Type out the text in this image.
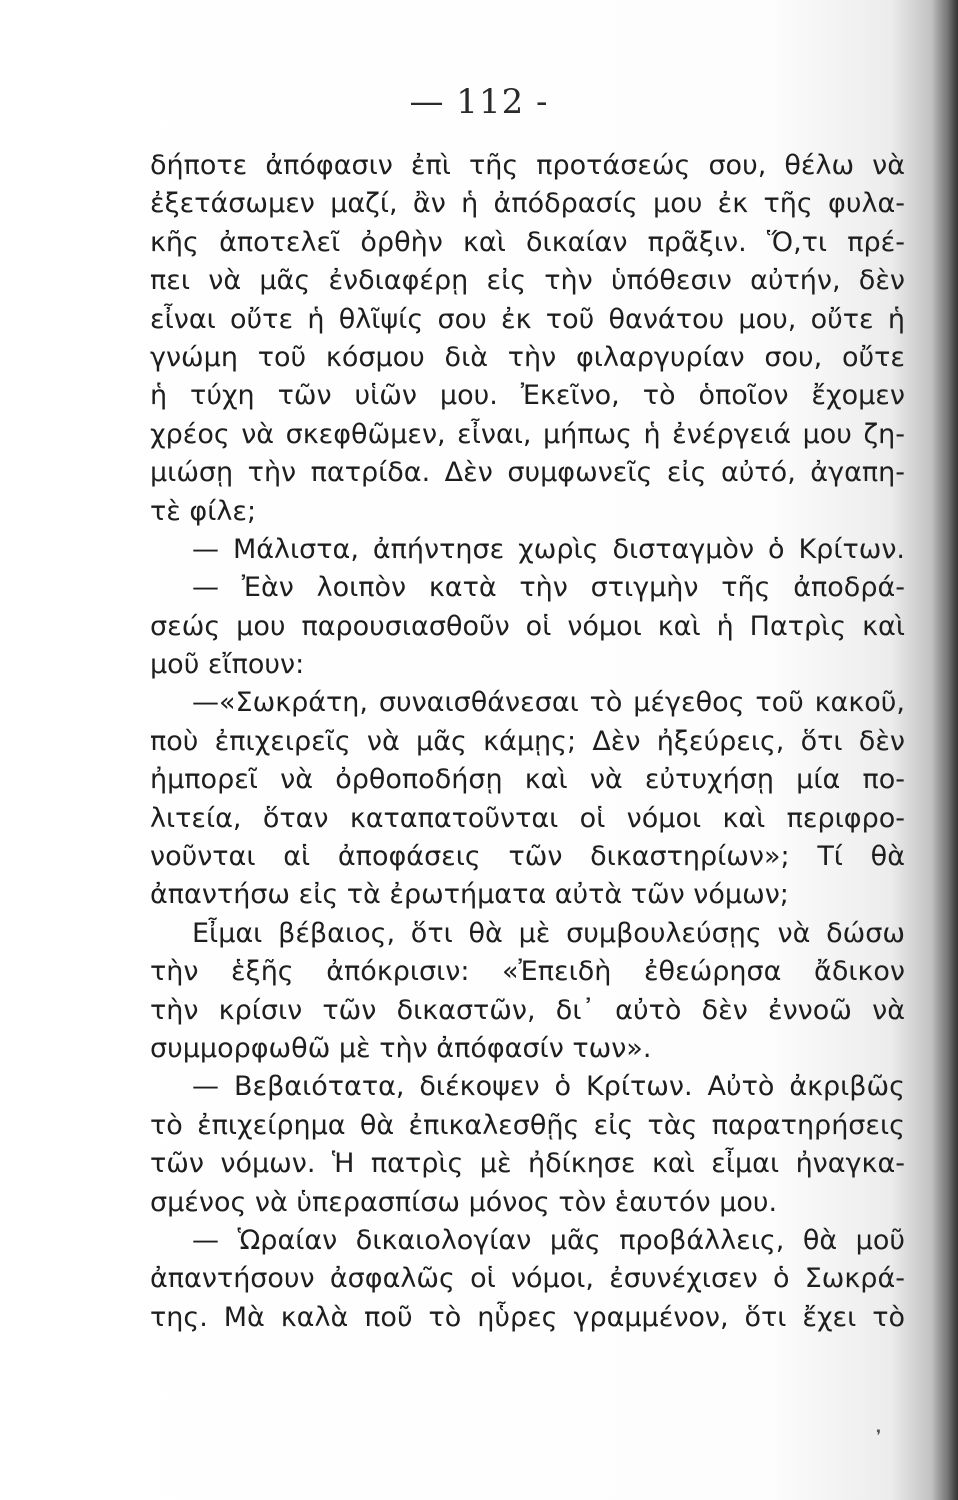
— 112 -
δήποτε ἀπόφασιν ἐπὶ τῆς προτάσεώς σου, θέλω νὰ
ἐξετάσωμεν μαζί, ἂν ἡ ἀπόδρασίς μου ἐκ τῆς φυλα-
κῆς ἀποτελεῖ ὀρθὴν καὶ δικαίαν πρᾶξιν. Ὅ,τι πρέ-
πει νὰ μᾶς ἐνδιαφέρῃ εἰς τὴν ὑπόθεσιν αὐτήν, δὲν
εἶναι οὔτε ἡ θλῖψίς σου ἐκ τοῦ θανάτου μου, οὔτε ἡ
γνώμη τοῦ κόσμου διὰ τὴν φιλαργυρίαν σου, οὔτε
ἡ τύχη τῶν υἱῶν μου. Ἐκεῖνο, τὸ ὁποῖον ἔχομεν
χρέος νὰ σκεφθῶμεν, εἶναι, μήπως ἡ ἐνέργειά μου ζη-
μιώσῃ τὴν πατρίδα. Δὲν συμφωνεῖς εἰς αὐτό, ἀγαπη-
τὲ φίλε;
— Μάλιστα, ἀπήντησε χωρὶς δισταγμὸν ὁ Κρίτων.
— Ἐὰν λοιπὸν κατὰ τὴν στιγμὴν τῆς ἀποδρά-
σεώς μου παρουσιασθοῦν οἱ νόμοι καὶ ἡ Πατρὶς καὶ
μοῦ εἴπουν:
—«Σωκράτη, συναισθάνεσαι τὸ μέγεθος τοῦ κακοῦ,
ποὺ ἐπιχειρεῖς νὰ μᾶς κάμῃς; Δὲν ἠξεύρεις, ὅτι δὲν
ἠμπορεῖ νὰ ὀρθοποδήσῃ καὶ νὰ εὐτυχήσῃ μία πο-
λιτεία, ὅταν καταπατοῦνται οἱ νόμοι καὶ περιφρο-
νοῦνται αἱ ἀποφάσεις τῶν δικαστηρίων»; Τί θὰ
ἀπαντήσω εἰς τὰ ἐρωτήματα αὐτὰ τῶν νόμων;
Εἶμαι βέβαιος, ὅτι θὰ μὲ συμβουλεύσῃς νὰ δώσω
τὴν ἑξῆς ἀπόκρισιν: «Ἐπειδὴ ἐθεώρησα ἄδικον
τὴν κρίσιν τῶν δικαστῶν, δι᾿ αὐτὸ δὲν ἐννοῶ νὰ
συμμορφωθῶ μὲ τὴν ἀπόφασίν των».
— Βεβαιότατα, διέκοψεν ὁ Κρίτων. Αὐτὸ ἀκριβῶς
τὸ ἐπιχείρημα θὰ ἐπικαλεσθῇς εἰς τὰς παρατηρήσεις
τῶν νόμων. Ἡ πατρὶς μὲ ἠδίκησε καὶ εἶμαι ἠναγκα-
σμένος νὰ ὑπερασπίσω μόνος τὸν ἑαυτόν μου.
— Ὡραίαν δικαιολογίαν μᾶς προβάλλεις, θὰ μοῦ
ἀπαντήσουν ἀσφαλῶς οἱ νόμοι, ἐσυνέχισεν ὁ Σωκρά-
της. Μὰ καλὰ ποῦ τὸ ηὗρες γραμμένον, ὅτι ἔχει τὸ
❜
